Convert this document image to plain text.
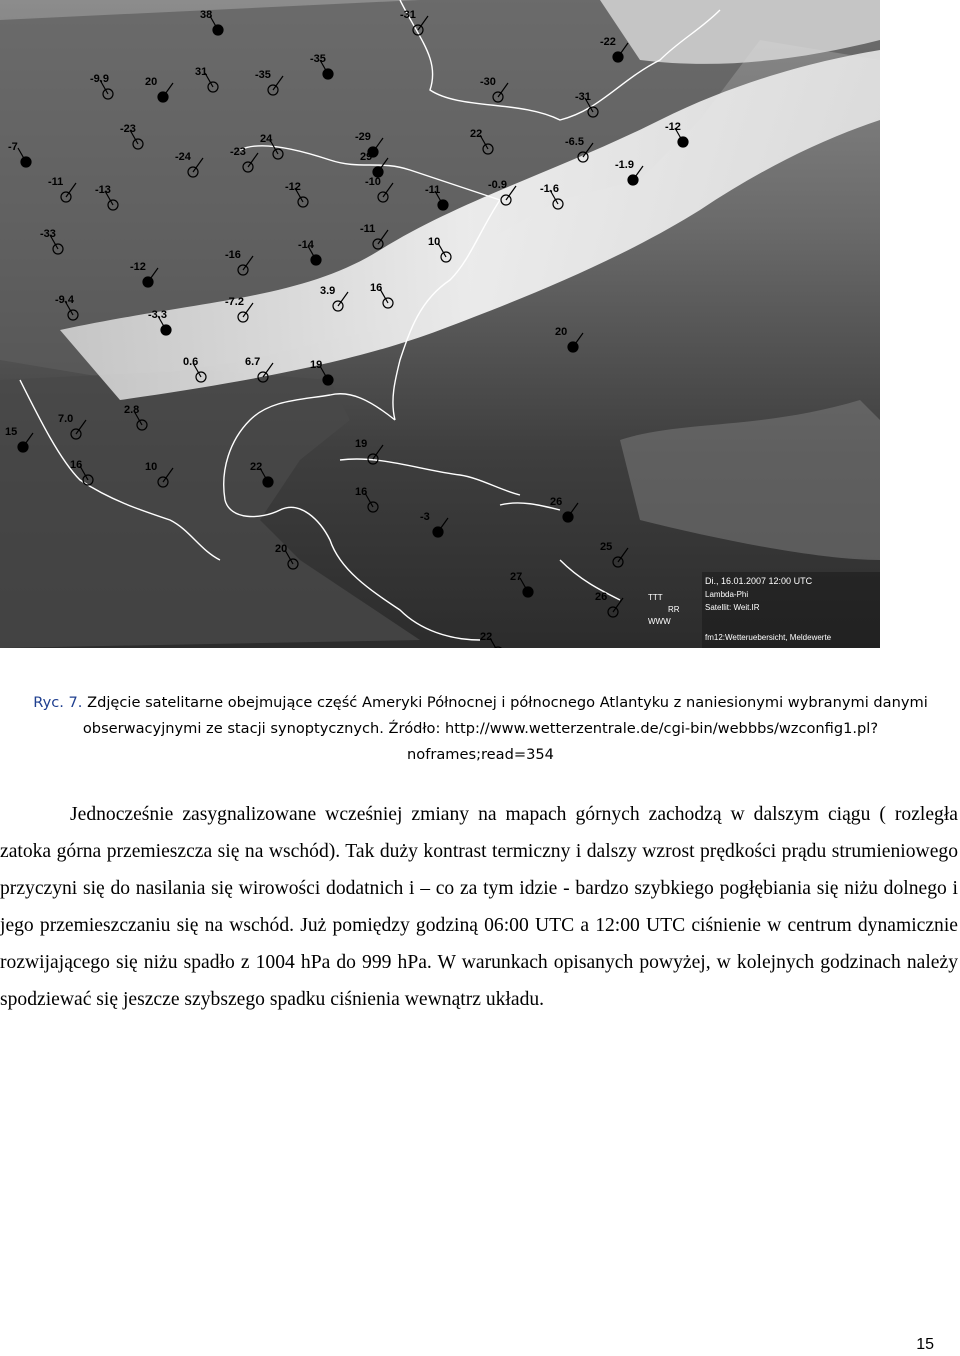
38	-31
-9.9	20
31	-35
-35
-30
-31
-22
-23
-23
-7
-24
24	-29	22
-6.5
-12
-11
-13
29
-12	-10
-11	-0.9	-1.6
-1.9
-33
-16
-14
-11
10
-12
-9.4	-7.2
-3.3
3.9	16
20
0.6	6.7	19
7.0
2.8
15
16	10	22
19
16
26
20	25
27
26
22
-3
Di., 16.01.2007 12:00 UTC
Lambda-Phi
Satellit: Weit.IR
fm12:Wetteruebersicht, Meldewerte
TTT
RR
WWW
Ryc. 7. Zdjęcie satelitarne obejmujące część Ameryki Północnej i północnego Atlantyku z naniesionymi wybranymi danymi obserwacyjnymi ze stacji synoptycznych. Źródło: http://www.wetterzentrale.de/cgi-bin/webbbs/wzconfig1.pl?noframes;read=354

Jednocześnie zasygnalizowane wcześniej zmiany na mapach górnych zachodzą w dalszym ciągu ( rozległa zatoka górna przemieszcza się na wschód). Tak duży kontrast termiczny i dalszy wzrost prędkości prądu strumieniowego przyczyni się do nasilania się wirowości dodatnich i – co za tym idzie - bardzo szybkiego pogłębiania się niżu dolnego i jego przemieszczaniu się na wschód. Już pomiędzy godziną 06:00 UTC a 12:00 UTC ciśnienie w centrum dynamicznie rozwijającego się niżu spadło z 1004 hPa do 999 hPa. W warunkach opisanych powyżej, w kolejnych godzinach należy spodziewać się jeszcze szybszego spadku ciśnienia wewnątrz układu.

15
